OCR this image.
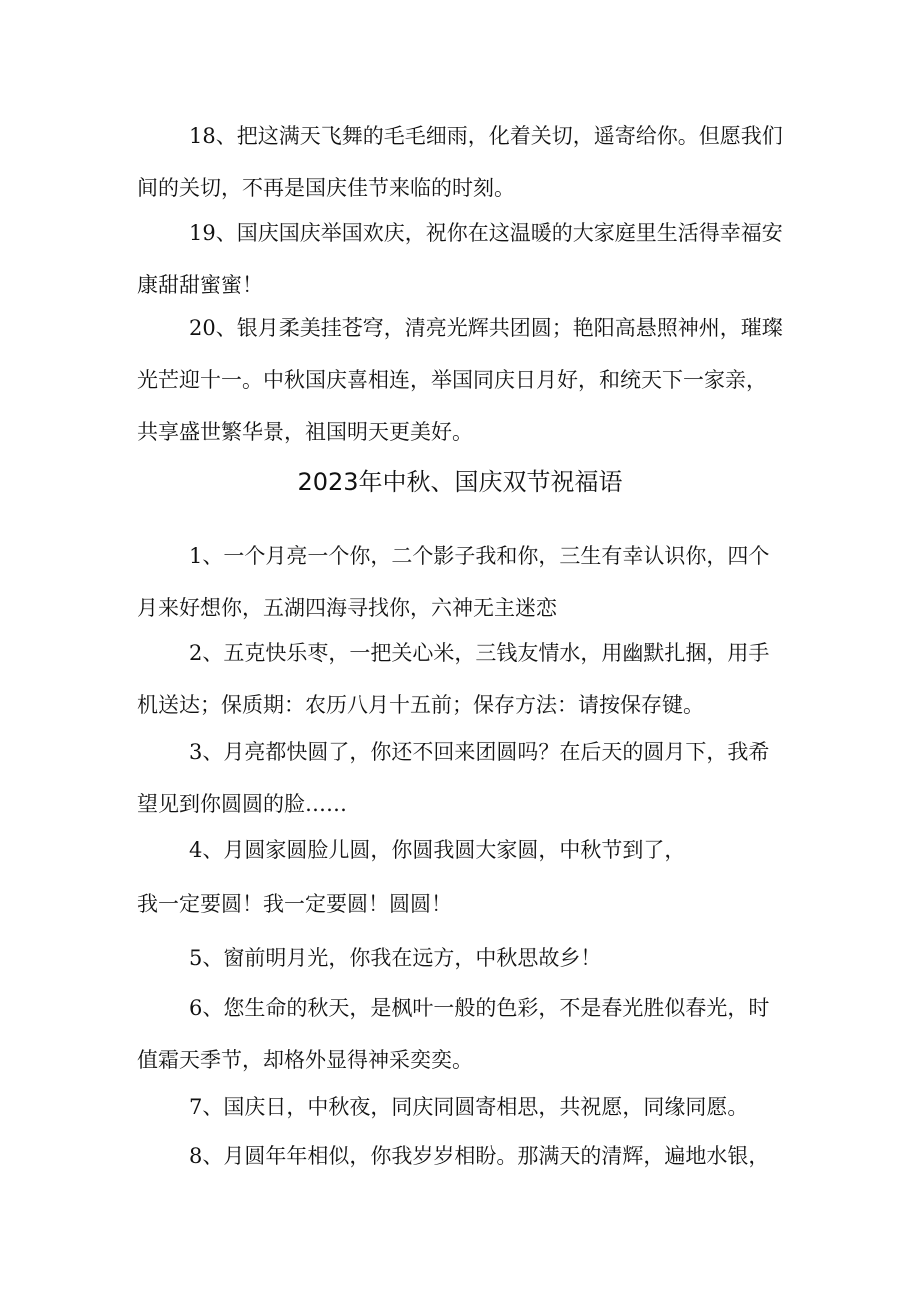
18、把这满天飞舞的毛毛细雨，化着关切，遥寄给你。但愿我们
间的关切，不再是国庆佳节来临的时刻。

19、国庆国庆举国欢庆，祝你在这温暖的大家庭里生活得幸福安
康甜甜蜜蜜！

20、银月柔美挂苍穹，清亮光辉共团圆；艳阳高悬照神州，璀璨
光芒迎十一。中秋国庆喜相连，举国同庆日月好，和统天下一家亲，
共享盛世繁华景，祖国明天更美好。

2023年中秋、国庆双节祝福语

1、一个月亮一个你，二个影子我和你，三生有幸认识你，四个
月来好想你，五湖四海寻找你，六神无主迷恋

2、五克快乐枣，一把关心米，三钱友情水，用幽默扎捆，用手
机送达；保质期：农历八月十五前；保存方法：请按保存键。

3、月亮都快圆了，你还不回来团圆吗？在后天的圆月下，我希
望见到你圆圆的脸……

4、月圆家圆脸儿圆，你圆我圆大家圆，中秋节到了，
我一定要圆！我一定要圆！圆圆！

5、窗前明月光，你我在远方，中秋思故乡！

6、您生命的秋天，是枫叶一般的色彩，不是春光胜似春光，时
值霜天季节，却格外显得神采奕奕。

7、国庆日，中秋夜，同庆同圆寄相思，共祝愿，同缘同愿。

8、月圆年年相似，你我岁岁相盼。那满天的清辉，遍地水银，
